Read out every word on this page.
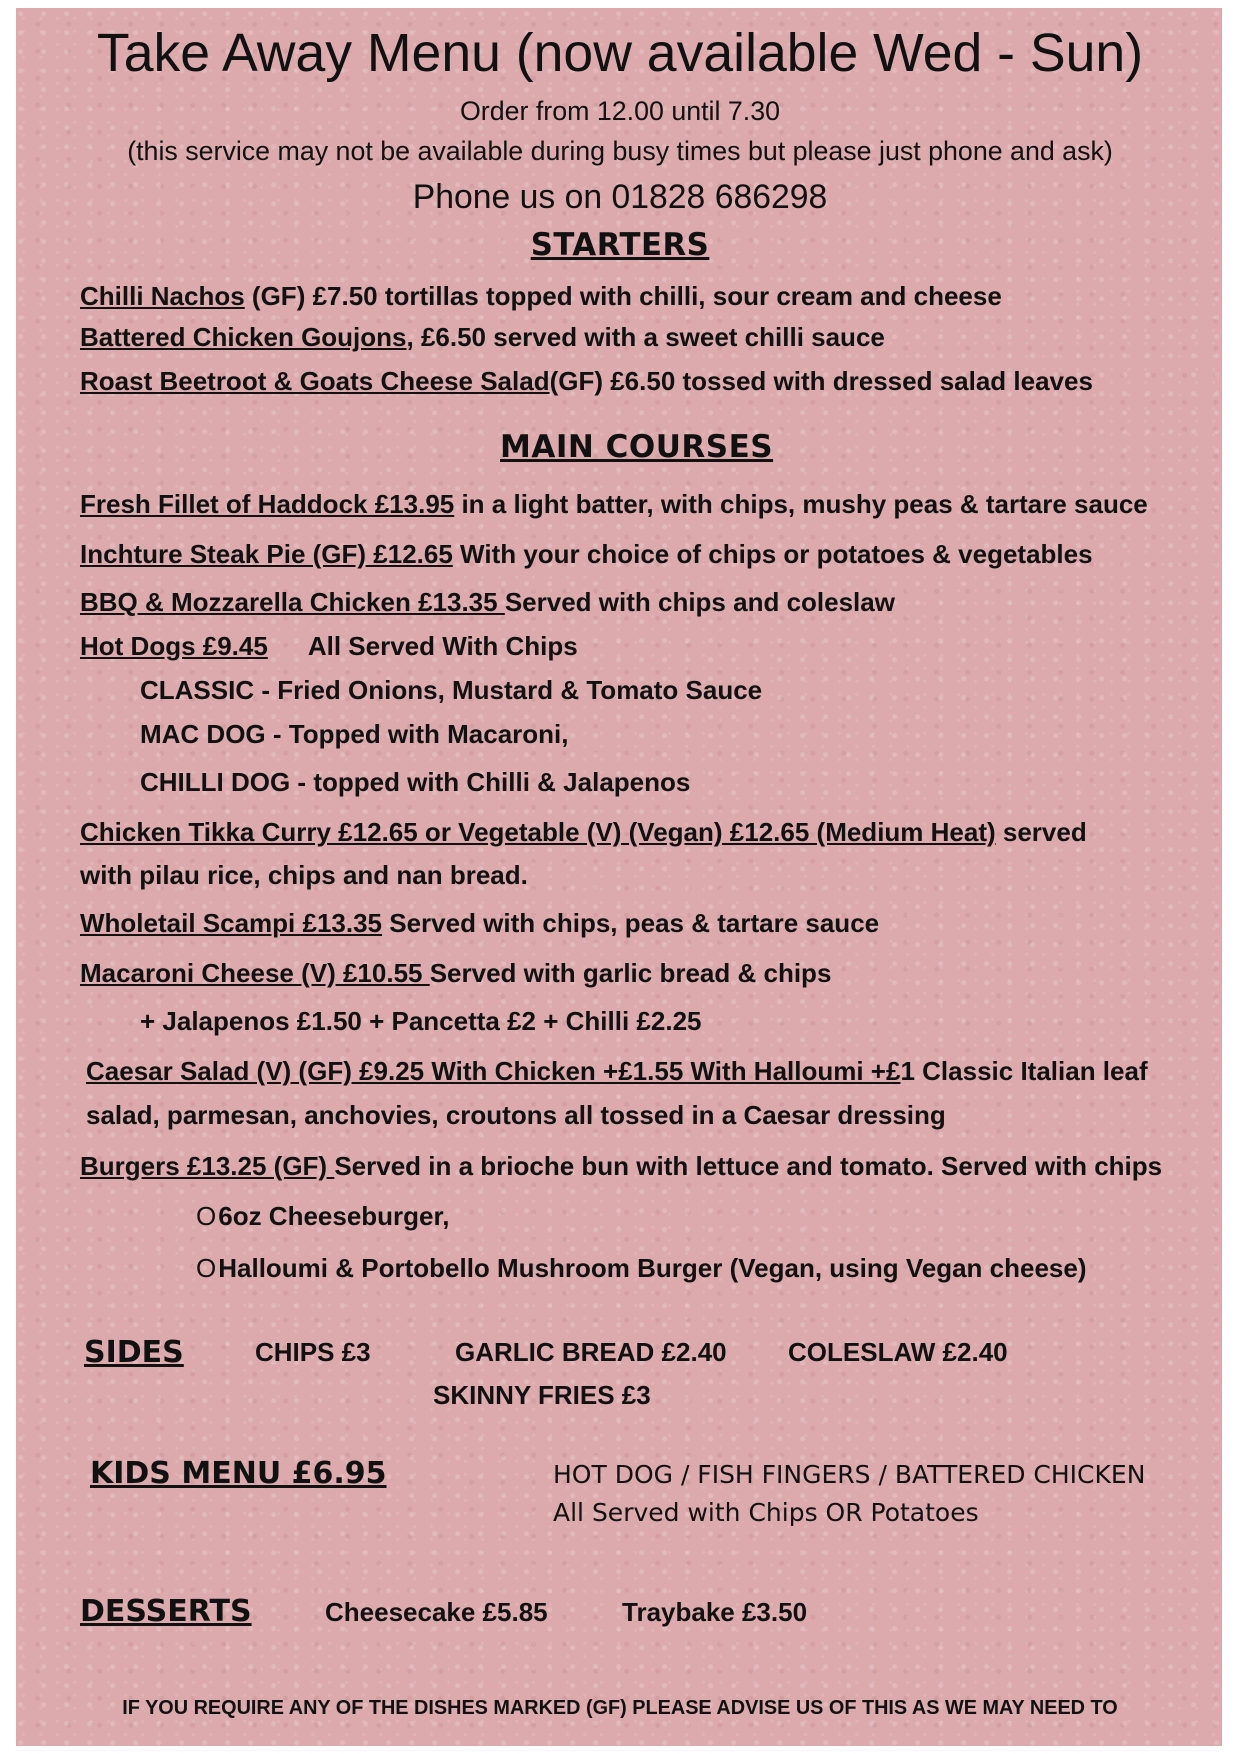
Take Away Menu (now available Wed - Sun)
Order from 12.00 until 7.30
(this service may not be available during busy times but please just phone and ask)
Phone us on 01828 686298
STARTERS
Chilli Nachos (GF) £7.50 tortillas topped with chilli, sour cream and cheese
Battered Chicken Goujons, £6.50 served with a sweet chilli sauce
Roast Beetroot & Goats Cheese Salad(GF) £6.50 tossed with dressed salad leaves
MAIN COURSES
Fresh Fillet of Haddock £13.95 in a light batter, with chips, mushy peas & tartare sauce
Inchture Steak Pie (GF) £12.65 With your choice of chips or potatoes & vegetables
BBQ & Mozzarella Chicken £13.35 Served with chips and coleslaw
Hot Dogs £9.45 All Served With Chips
CLASSIC - Fried Onions, Mustard & Tomato Sauce
MAC DOG - Topped with Macaroni,
CHILLI DOG - topped with Chilli & Jalapenos
Chicken Tikka Curry £12.65 or Vegetable (V) (Vegan) £12.65 (Medium Heat) served
with pilau rice, chips and nan bread.
Wholetail Scampi £13.35 Served with chips, peas & tartare sauce
Macaroni Cheese (V) £10.55 Served with garlic bread & chips
+ Jalapenos £1.50 + Pancetta £2 + Chilli £2.25
Caesar Salad (V) (GF) £9.25 With Chicken +£1.55 With Halloumi +£1 Classic Italian leaf
salad, parmesan, anchovies, croutons all tossed in a Caesar dressing
Burgers £13.25 (GF) Served in a brioche bun with lettuce and tomato. Served with chips
O6oz Cheeseburger,
OHalloumi & Portobello Mushroom Burger (Vegan, using Vegan cheese)
SIDES	CHIPS £3	GARLIC BREAD £2.40 COLESLAW £2.40
SKINNY FRIES £3
KIDS MENU £6.95	HOT DOG / FISH FINGERS / BATTERED CHICKEN
All Served with Chips OR Potatoes
DESSERTS	Cheesecake £5.85	Traybake £3.50
IF YOU REQUIRE ANY OF THE DISHES MARKED (GF) PLEASE ADVISE US OF THIS AS WE MAY NEED TO
